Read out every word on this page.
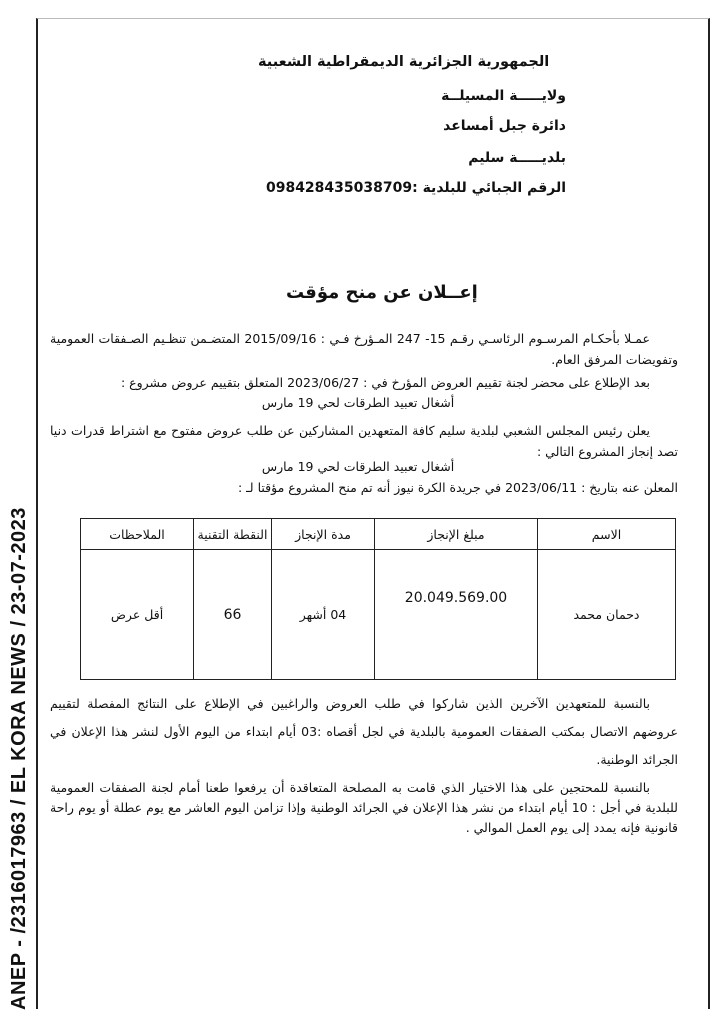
ANEP - /2316017963 / EL KORA NEWS / 23-07-2023
الجمهورية الجزائرية الديمقراطية الشعبية
ولايـــــة المسيلــة
دائرة جبل أمساعد
بلديـــــة سليم
الرقم الجبائي للبلدية :098428435038709
إعــلان عن منح مؤقت
عمـلا بأحكـام المرسـوم الرئاسـي رقـم 15- 247 المـؤرخ فـي : 2015/09/16 المتضـمن تنظـيم الصـفقات العمومية وتفويضات المرفق العام.
بعد الإطلاع على محضر لجنة تقييم العروض المؤرخ في : 2023/06/27 المتعلق بتقييم عروض مشروع :
أشغال تعبيد الطرقات لحي 19 مارس
يعلن رئيس المجلس الشعبي لبلدية سليم كافة المتعهدين المشاركين عن طلب عروض مفتوح مع اشتراط قدرات دنيا تصد إنجاز المشروع التالي :
أشغال تعبيد الطرقات لحي 19 مارس
المعلن عنه بتاريخ : 2023/06/11 في جريدة الكرة نيوز أنه تم منح المشروع مؤقتا لـ :
الاسم	مبلغ الإنجاز	مدة الإنجاز	النقطة التقنية	الملاحظات
دحمان محمد	20.049.569.00	04 أشهر	66	أقل عرض
بالنسبة للمتعهدين الآخرين الذين شاركوا في طلب العروض والراغبين في الإطلاع على النتائج المفصلة لتقييم عروضهم الاتصال بمكتب الصفقات العمومية بالبلدية في لجل أقصاه :03 أيام ابتداء من اليوم الأول لنشر هذا الإعلان في الجرائد الوطنية.
بالنسبة للمحتجين على هذا الاختيار الذي قامت به المصلحة المتعاقدة أن يرفعوا طعنا أمام لجنة الصفقات العمومية للبلدية في أجل : 10 أيام ابتداء من نشر هذا الإعلان في الجرائد الوطنية وإذا تزامن اليوم العاشر مع يوم عطلة أو يوم راحة قانونية فإنه يمدد إلى يوم العمل الموالي .
